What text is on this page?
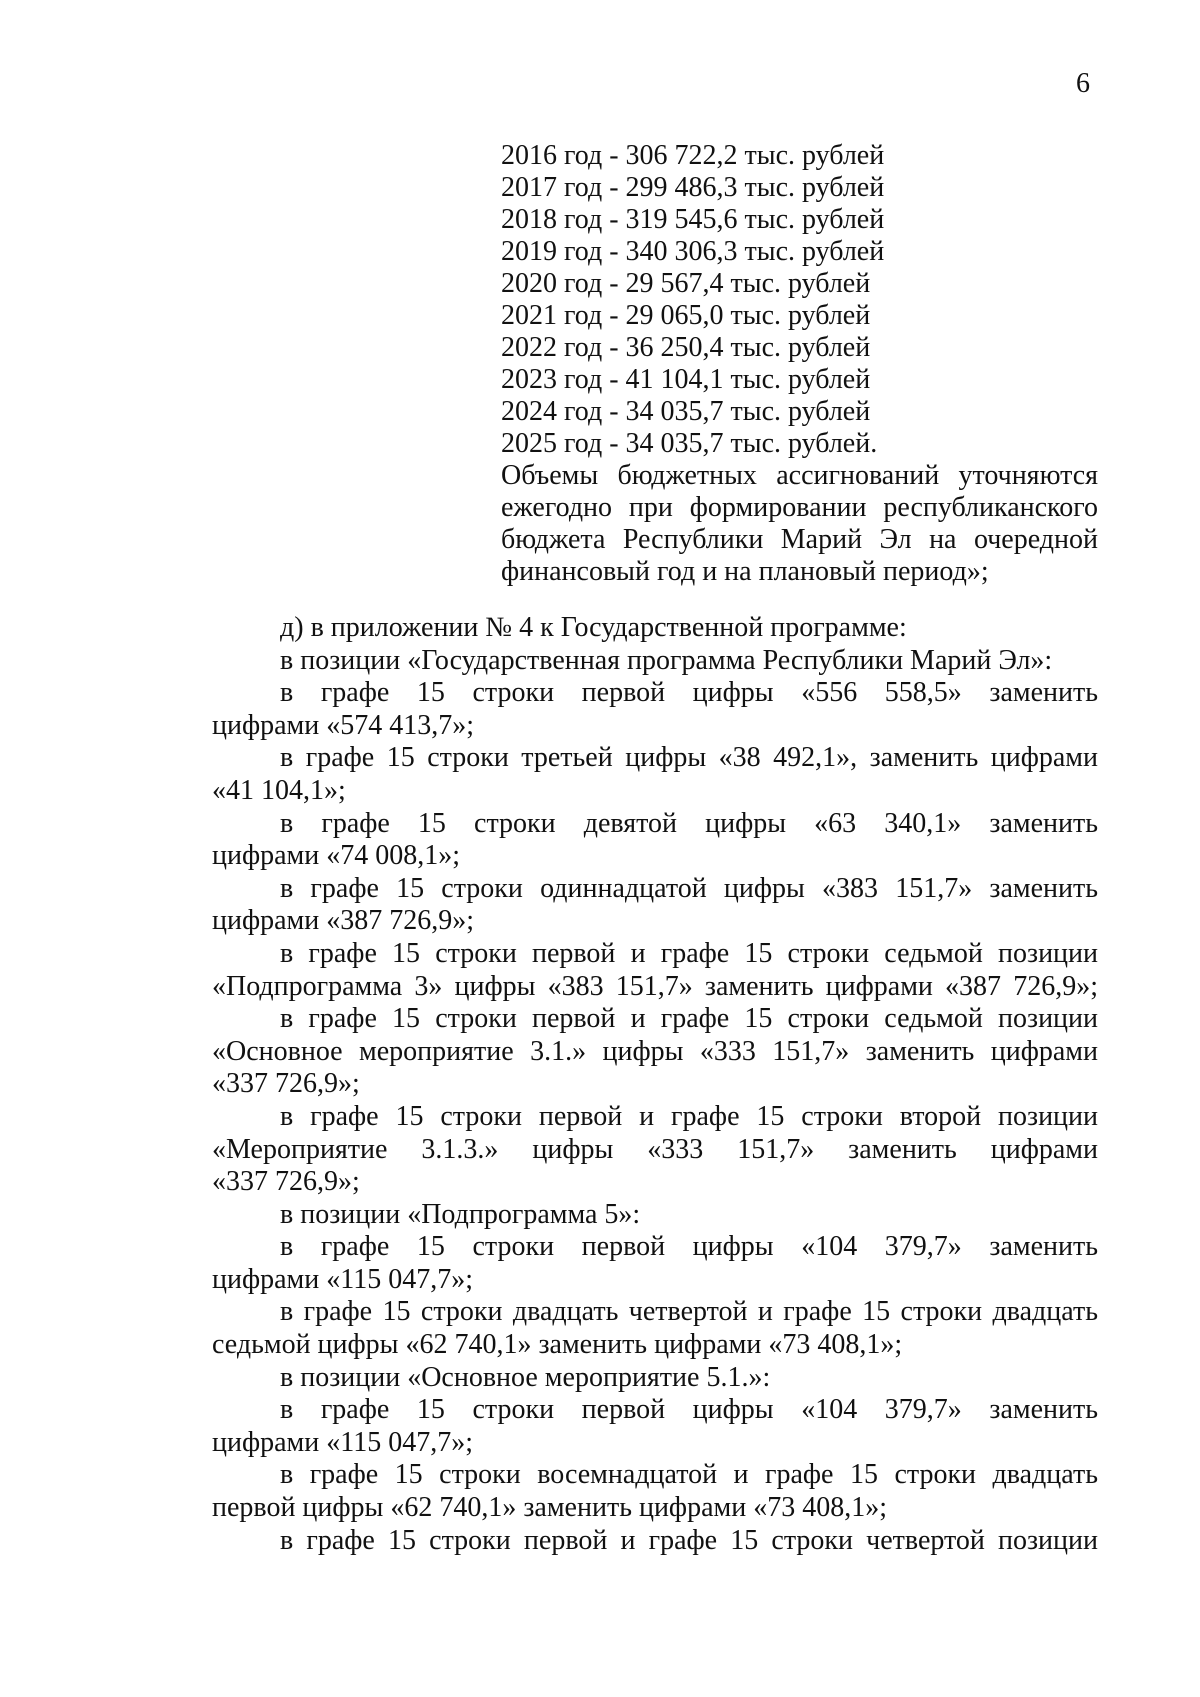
6
2016 год - 306 722,2 тыс. рублей
2017 год - 299 486,3 тыс. рублей
2018 год - 319 545,6 тыс. рублей
2019 год - 340 306,3 тыс. рублей
2020 год - 29 567,4 тыс. рублей
2021 год - 29 065,0 тыс. рублей
2022 год - 36 250,4 тыс. рублей
2023 год - 41 104,1 тыс. рублей
2024 год - 34 035,7 тыс. рублей
2025 год - 34 035,7 тыс. рублей.
Объемы бюджетных ассигнований уточняются
ежегодно при формировании республиканского
бюджета Республики Марий Эл на очередной
финансовый год и на плановый период»;
д) в приложении № 4 к Государственной программе:
в позиции «Государственная программа Республики Марий Эл»:
в графе 15 строки первой цифры «556 558,5» заменить
цифрами «574 413,7»;
в графе 15 строки третьей цифры «38 492,1», заменить цифрами
«41 104,1»;
в графе 15 строки девятой цифры «63 340,1» заменить
цифрами «74 008,1»;
в графе 15 строки одиннадцатой цифры «383 151,7» заменить
цифрами «387 726,9»;
в графе 15 строки первой и графе 15 строки седьмой позиции
«Подпрограмма 3» цифры «383 151,7» заменить цифрами «387 726,9»;
в графе 15 строки первой и графе 15 строки седьмой позиции
«Основное мероприятие 3.1.» цифры «333 151,7» заменить цифрами
«337 726,9»;
в графе 15 строки первой и графе 15 строки второй позиции
«Мероприятие 3.1.3.» цифры «333 151,7» заменить цифрами
«337 726,9»;
в позиции «Подпрограмма 5»:
в графе 15 строки первой цифры «104 379,7» заменить
цифрами «115 047,7»;
в графе 15 строки двадцать четвертой и графе 15 строки двадцать
седьмой цифры «62 740,1» заменить цифрами «73 408,1»;
в позиции «Основное мероприятие 5.1.»:
в графе 15 строки первой цифры «104 379,7» заменить
цифрами «115 047,7»;
в графе 15 строки восемнадцатой и графе 15 строки двадцать
первой цифры «62 740,1» заменить цифрами «73 408,1»;
в графе 15 строки первой и графе 15 строки четвертой позиции
